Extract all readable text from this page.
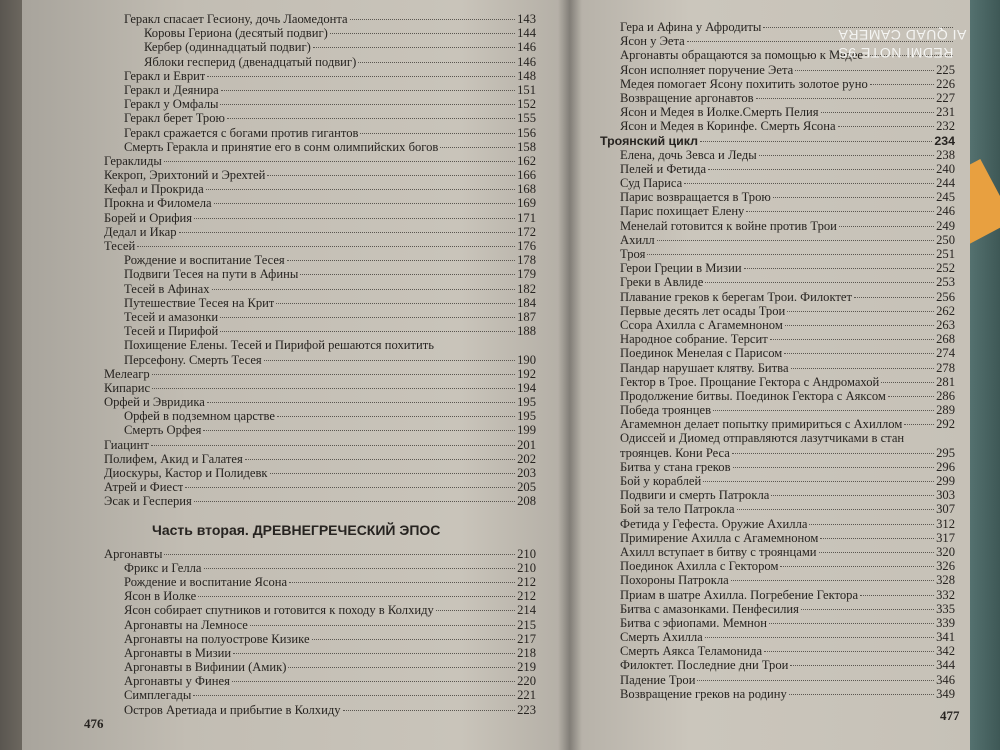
Геракл спасает Гесиону, дочь Лаомедонта	143
Коровы Гериона (десятый подвиг)	144
Кербер (одиннадцатый подвиг)	146
Яблоки гесперид (двенадцатый подвиг)	146
Геракл и Еврит	148
Геракл и Деянира	151
Геракл у Омфалы	152
Геракл берет Трою	155
Геракл сражается с богами против гигантов	156
Смерть Геракла и принятие его в сонм олимпийских богов	158
Гераклиды	162
Кекроп, Эрихтоний и Эрехтей	166
Кефал и Прокрида	168
Прокна и Филомела	169
Борей и Орифия	171
Дедал и Икар	172
Тесей	176
Рождение и воспитание Тесея	178
Подвиги Тесея на пути в Афины	179
Тесей в Афинах	182
Путешествие Тесея на Крит	184
Тесей и амазонки	187
Тесей и Пирифой	188
Похищение Елены. Тесей и Пирифой решаются похитить
Персефону. Смерть Тесея	190
Мелеагр	192
Кипарис	194
Орфей и Эвридика	195
Орфей в подземном царстве	195
Смерть Орфея	199
Гиацинт	201
Полифем, Акид и Галатея	202
Диоскуры, Кастор и Полидевк	203
Атрей и Фиест	205
Эсак и Гесперия	208
Часть вторая. ДРЕВНЕГРЕЧЕСКИЙ ЭПОС
Аргонавты	210
Фрикс и Гелла	210
Рождение и воспитание Ясона	212
Ясон в Иолке	212
Ясон собирает спутников и готовится к походу в Колхиду	214
Аргонавты на Лемносе	215
Аргонавты на полуострове Кизике	217
Аргонавты в Мизии	218
Аргонавты в Вифинии (Амик)	219
Аргонавты у Финея	220
Симплегады	221
Остров Аретиада и прибытие в Колхиду	223
476
Гера и Афина у Афродиты
Ясон у Эета
Аргонавты обращаются за помощью к Медее
Ясон исполняет поручение Эета	225
Медея помогает Ясону похитить золотое руно	226
Возвращение аргонавтов	227
Ясон и Медея в Иолке.Смерть Пелия	231
Ясон и Медея в Коринфе. Смерть Ясона	232
Троянский цикл	234
Елена, дочь Зевса и Леды	238
Пелей и Фетида	240
Суд Париса	244
Парис возвращается в Трою	245
Парис похищает Елену	246
Менелай готовится к войне против Трои	249
Ахилл	250
Троя	251
Герои Греции в Мизии	252
Греки в Авлиде	253
Плавание греков к берегам Трои. Филоктет	256
Первые десять лет осады Трои	262
Ссора Ахилла с Агамемноном	263
Народное собрание. Терсит	268
Поединок Менелая с Парисом	274
Пандар нарушает клятву. Битва	278
Гектор в Трое. Прощание Гектора с Андромахой	281
Продолжение битвы. Поединок Гектора с Аяксом	286
Победа троянцев	289
Агамемнон делает попытку примириться с Ахиллом	292
Одиссей и Диомед отправляются лазутчиками в стан
троянцев. Кони Реса	295
Битва у стана греков	296
Бой у кораблей	299
Подвиги и смерть Патрокла	303
Бой за тело Патрокла	307
Фетида у Гефеста. Оружие Ахилла	312
Примирение Ахилла с Агамемноном	317
Ахилл вступает в битву с троянцами	320
Поединок Ахилла с Гектором	326
Похороны Патрокла	328
Приам в шатре Ахилла. Погребение Гектора	332
Битва с амазонками. Пенфесилия	335
Битва с эфиопами. Мемнон	339
Смерть Ахилла	341
Смерть Аякса Теламонида	342
Филоктет. Последние дни Трои	344
Падение Трои	346
Возвращение греков на родину	349
477
REDMI NOTE 9S
AI QUAD CAMERA
